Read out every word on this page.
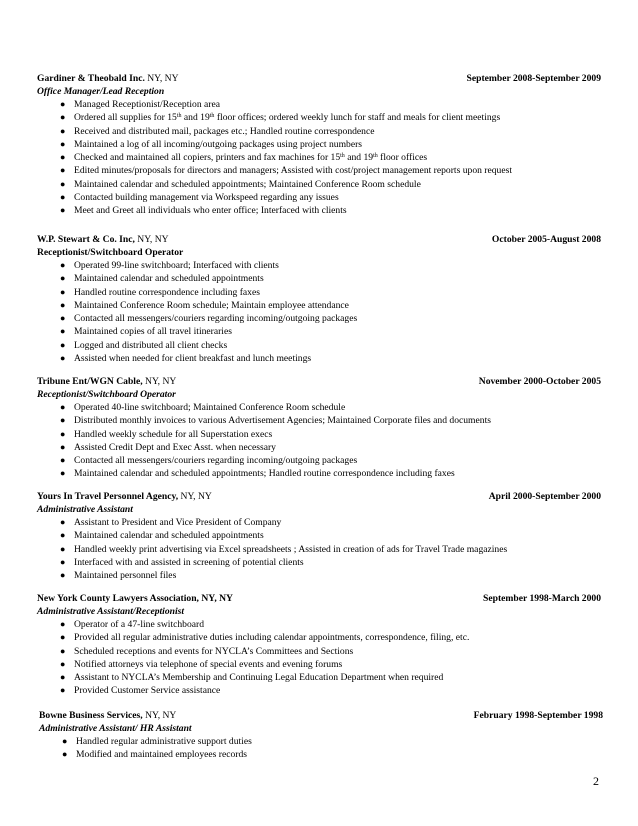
Gardiner & Theobald Inc. NY, NY	September 2008-September 2009
Office Manager/Lead Reception
● Managed Receptionist/Reception area
● Ordered all supplies for 15th and 19th floor offices; ordered weekly lunch for staff and meals for client meetings
● Received and distributed mail, packages etc.; Handled routine correspondence
● Maintained a log of all incoming/outgoing packages using project numbers
● Checked and maintained all copiers, printers and fax machines for 15th and 19th floor offices
● Edited minutes/proposals for directors and managers; Assisted with cost/project management reports upon request
● Maintained calendar and scheduled appointments; Maintained Conference Room schedule
● Contacted building management via Workspeed regarding any issues
● Meet and Greet all individuals who enter office; Interfaced with clients
W.P. Stewart & Co. Inc, NY, NY	October 2005-August 2008
Receptionist/Switchboard Operator
● Operated 99-line switchboard; Interfaced with clients
● Maintained calendar and scheduled appointments
● Handled routine correspondence including faxes
● Maintained Conference Room schedule; Maintain employee attendance
● Contacted all messengers/couriers regarding incoming/outgoing packages
● Maintained copies of all travel itineraries
● Logged and distributed all client checks
● Assisted when needed for client breakfast and lunch meetings
Tribune Ent/WGN Cable, NY, NY	November 2000-October 2005
Receptionist/Switchboard Operator
● Operated 40-line switchboard; Maintained Conference Room schedule
● Distributed monthly invoices to various Advertisement Agencies; Maintained Corporate files and documents
● Handled weekly schedule for all Superstation execs
● Assisted Credit Dept and Exec Asst. when necessary
● Contacted all messengers/couriers regarding incoming/outgoing packages
● Maintained calendar and scheduled appointments; Handled routine correspondence including faxes
Yours In Travel Personnel Agency, NY, NY	April 2000-September 2000
Administrative Assistant
● Assistant to President and Vice President of Company
● Maintained calendar and scheduled appointments
● Handled weekly print advertising via Excel spreadsheets ; Assisted in creation of ads for Travel Trade magazines
● Interfaced with and assisted in screening of potential clients
● Maintained personnel files
New York County Lawyers Association, NY, NY	September 1998-March 2000
Administrative Assistant/Receptionist
● Operator of a 47-line switchboard
● Provided all regular administrative duties including calendar appointments, correspondence, filing, etc.
● Scheduled receptions and events for NYCLA’s Committees and Sections
● Notified attorneys via telephone of special events and evening forums
● Assistant to NYCLA’s Membership and Continuing Legal Education Department when required
● Provided Customer Service assistance
Bowne Business Services, NY, NY	February 1998-September 1998
Administrative Assistant/ HR Assistant
● Handled regular administrative support duties
● Modified and maintained employees records
2
